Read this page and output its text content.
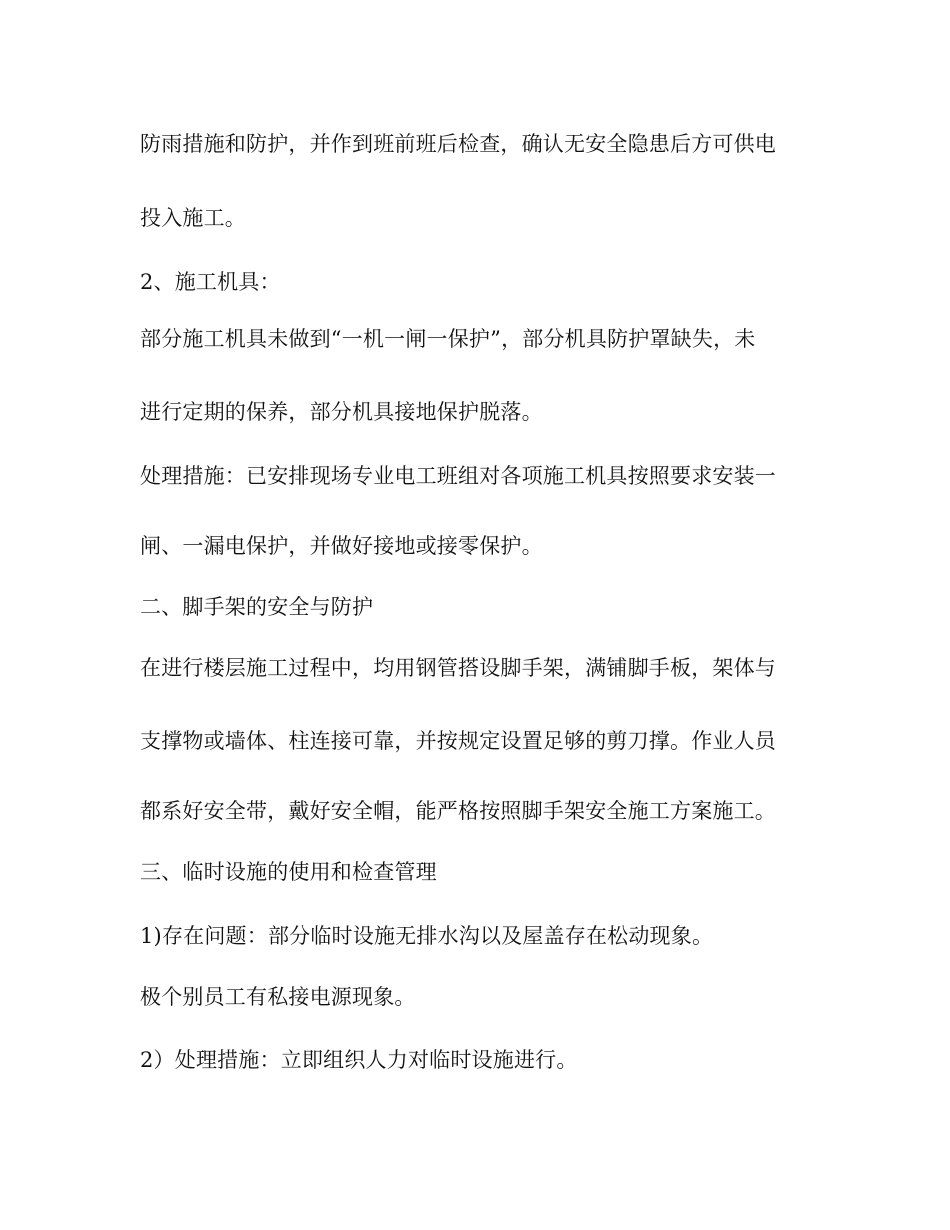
防雨措施和防护，并作到班前班后检查，确认无安全隐患后方可供电
投入施工。
2、施工机具：
部分施工机具未做到“一机一闸一保护”，部分机具防护罩缺失，未
进行定期的保养，部分机具接地保护脱落。
处理措施：已安排现场专业电工班组对各项施工机具按照要求安装一
闸、一漏电保护，并做好接地或接零保护。
二、脚手架的安全与防护
在进行楼层施工过程中，均用钢管搭设脚手架，满铺脚手板，架体与
支撑物或墙体、柱连接可靠，并按规定设置足够的剪刀撑。作业人员
都系好安全带，戴好安全帽，能严格按照脚手架安全施工方案施工。
三、临时设施的使用和检查管理
1)存在问题：部分临时设施无排水沟以及屋盖存在松动现象。
极个别员工有私接电源现象。
2）处理措施：立即组织人力对临时设施进行。
